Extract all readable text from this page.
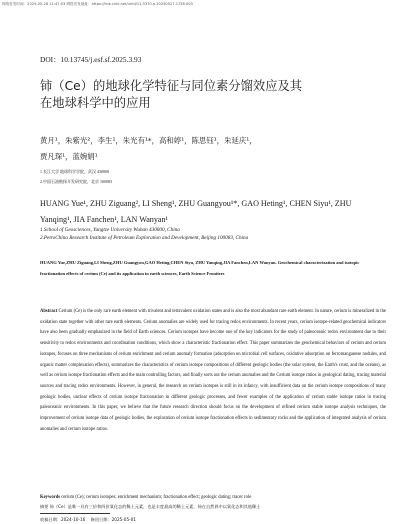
网络首发时间：2025-05-28 11:47:03 网络首发地址：https://link.cnki.net/urlid/11.3370.p.20250527.1758.003
DOI：10.13745/j.esf.sf.2025.3.93
铈（Ce）的地球化学特征与同位素分馏效应及其
在地球科学中的应用
黄月¹，朱紫光²，李生¹，朱光有¹*，高和婷¹，陈思钰¹，朱延庆¹，
贾凡琛¹，蓝婉娟¹
1.长江大学 地球科学学院，武汉 430000
2.中国石油勘探开发研究院，北京 100083
HUANG Yue¹, ZHU Ziguang², LI Sheng¹, ZHU Guangyou¹*, GAO Heting¹, CHEN Siyu¹, ZHU
Yanqing¹, JIA Fanchen¹, LAN Wanyan¹
1.School of Geosciences, Yangtze University Wuhan 430000, China
2.PetroChina Research Institute of Petroleum Exploration and Development, Beijing 100083, China
HUANG Yue,ZHU Ziguang,LI Sheng,ZHU Guangyou,GAO Heting,CHEN Siyu, ZHU Yanqing,JIA Fanchen,LAN Wanyan. Geochemical characterization and isotopic fractionation effects of cerium (Ce) and its application in earth sciences, Earth Science Frontiers
Abstract Cerium (Ce) is the only rare earth element with trivalent and tetravalent oxidation states and is also the most abundant rare earth element. In nature, cerium is mineralized in the oxidation state together with other rare earth elements. Cerium anomalies are widely used for tracing redox environments. In recent years, cerium isotope-related geochemical indicators have also been gradually emphasized in the field of Earth sciences. Cerium isotopes have become one of the key indicators for the study of paleoceanic redox environment due to their sensitivity to redox environments and coordination conditions, which show a characteristic fractionation effect. This paper summarizes the geochemical behaviors of cerium and cerium isotopes, focuses on three mechanisms of cerium enrichment and cerium anomaly formation (adsorption on microbial cell surfaces, oxidative adsorption on ferromanganese nodules, and organic matter complexation effects), summarizes the characteristics of cerium isotope compositions of different geologic bodies (the solar system, the Earth's crust, and the oceans), as well as cerium isotope fractionation effects and the main controlling factors, and finally sorts out the cerium anomalies and the Cerium isotope ratios in geological dating, tracing material sources and tracing redox environments. However, in general, the research on cerium isotopes is still in its infancy, with insufficient data on the cerium isotope compositions of many geologic bodies, unclear effects of cerium isotope fractionation in different geologic processes, and fewer examples of the application of cerium stable isotope ratios in tracing paleoceanic environments. In this paper, we believe that the future research direction should focus on the development of refined cerium stable isotope analysis techniques, the improvement of cerium isotope data of geologic bodies, the exploration of cerium isotope fractionation effects in sedimentary rocks and the application of integrated analysis of cerium anomalies and cerium isotope ratios.
Keywords cerium (Ce); cerium isotopes; enrichment mechanism; fractionation effect; geologic dating; tracer role
摘要 铈（Ce）是唯一具有三价和四价氧化态的稀土元素，也是丰度最高的稀土元素，铈在自然界中以氧化态和其他稀土
收稿日期：2024-10-16 修回日期：2025-05-01
